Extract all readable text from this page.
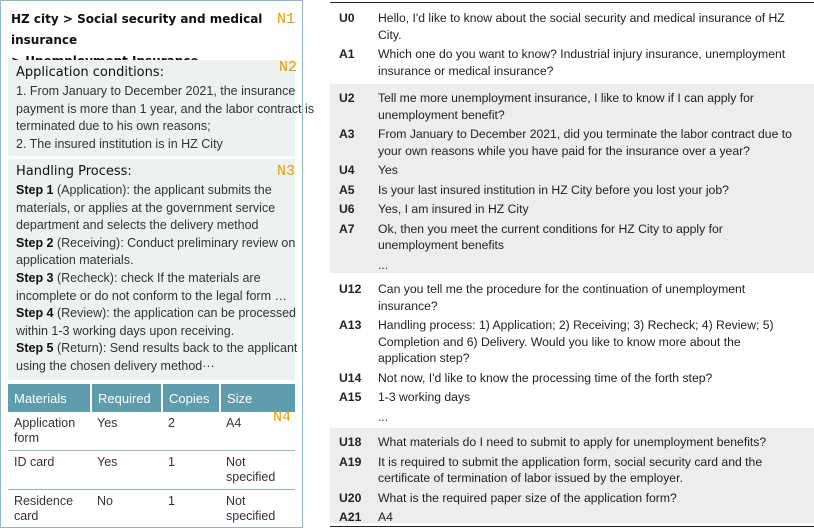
HZ city > Social security and medical insurance
N1
Application conditions:
1. From January to December 2021, the insurance
payment is more than 1 year, and the labor contract is
terminated due to his own reasons;
2. The insured institution is in HZ City
N2
Handling Process:
Step 1 (Application): the applicant submits the
materials, or applies at the government service
department and selects the delivery method
Step 2 (Receiving): Conduct preliminary review on
application materials.
Step 3 (Recheck): check If the materials are
incomplete or do not conform to the legal form …
Step 4 (Review): the application can be processed
within 1-3 working days upon receiving.
Step 5 (Return): Send results back to the applicant
using the chosen delivery method···
N3
Materials	Required	Copies	Size
Application form	Yes	2	A4
ID card	Yes	1	Not specified
Residence card	No	1	Not specified
N4
U0	Hello, I'd like to know about the social security and medical insurance of HZ City.
A1	Which one do you want to know? Industrial injury insurance, unemployment insurance or medical insurance?
U2	Tell me more unemployment insurance, I like to know if I can apply for unemployment benefit?
A3	From January to December 2021, did you terminate the labor contract due to your own reasons while you have paid for the insurance over a year?
U4	Yes
A5	Is your last insured institution in HZ City before you lost your job?
U6	Yes, I am insured in HZ City
A7	Ok, then you meet the current conditions for HZ City to apply for unemployment benefits
...
U12	Can you tell me the procedure for the continuation of unemployment insurance?
A13	Handling process: 1) Application; 2) Receiving; 3) Recheck; 4) Review; 5) Completion and 6) Delivery. Would you like to know more about the application step?
U14	Not now, I'd like to know the processing time of the forth step?
A15	1-3 working days
...
U18	What materials do I need to submit to apply for unemployment benefits?
A19	It is required to submit the application form, social security card and the certificate of termination of labor issued by the employer.
U20	What is the required paper size of the application form?
A21	A4
